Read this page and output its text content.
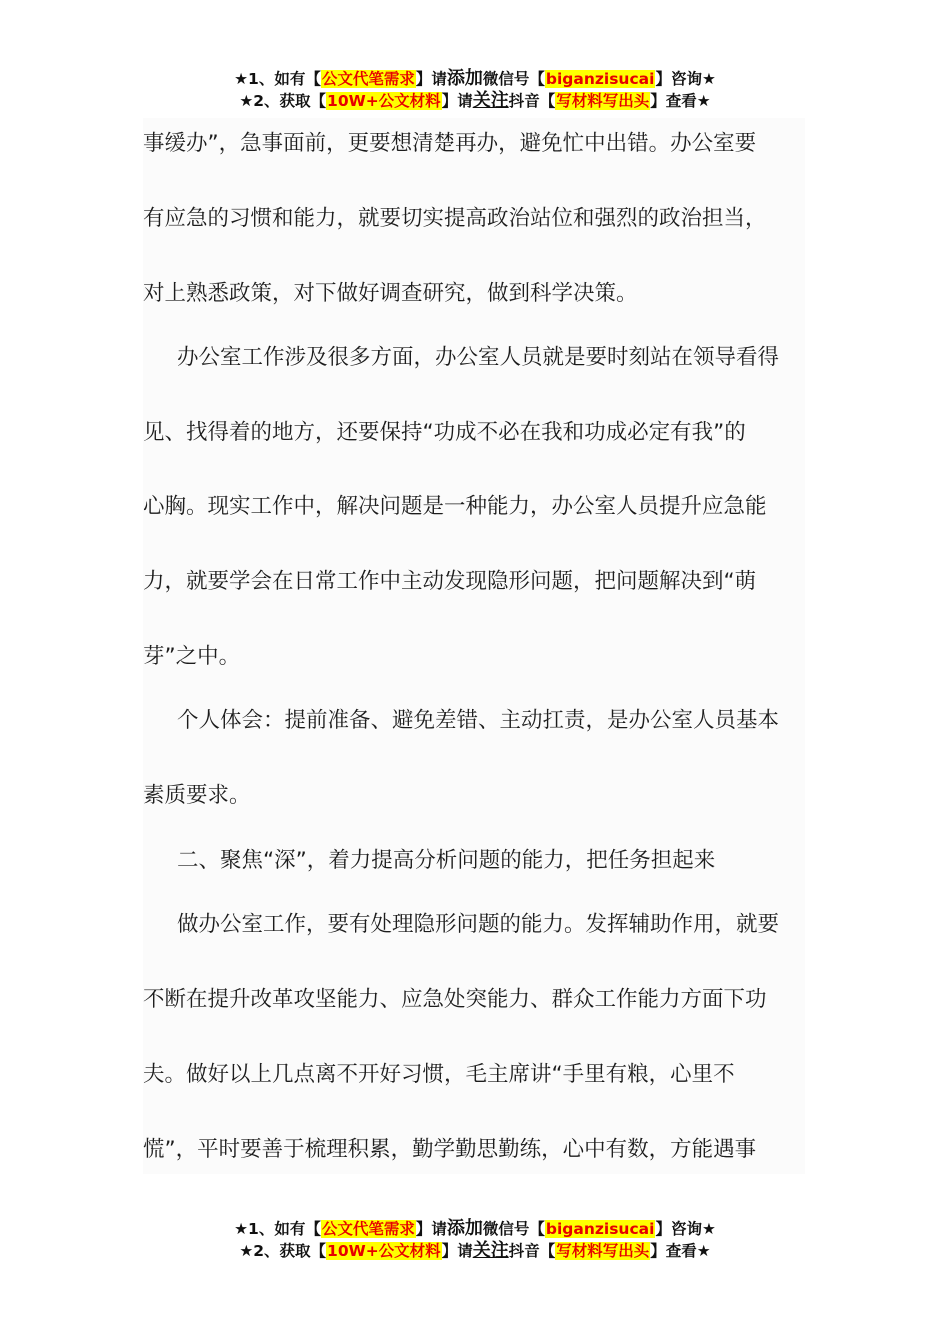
★1、如有【公文代笔需求】请添加微信号【biganzisucai】咨询★
★2、获取【10W+公文材料】请关注抖音【写材料写出头】查看★
事缓办”，急事面前，更要想清楚再办，避免忙中出错。办公室要
有应急的习惯和能力，就要切实提高政治站位和强烈的政治担当，
对上熟悉政策，对下做好调查研究，做到科学决策。
办公室工作涉及很多方面，办公室人员就是要时刻站在领导看得
见、找得着的地方，还要保持“功成不必在我和功成必定有我”的
心胸。现实工作中，解决问题是一种能力，办公室人员提升应急能
力，就要学会在日常工作中主动发现隐形问题，把问题解决到“萌
芽”之中。
个人体会：提前准备、避免差错、主动扛责，是办公室人员基本
素质要求。
二、聚焦“深”，着力提高分析问题的能力，把任务担起来
做办公室工作，要有处理隐形问题的能力。发挥辅助作用，就要
不断在提升改革攻坚能力、应急处突能力、群众工作能力方面下功
夫。做好以上几点离不开好习惯，毛主席讲“手里有粮，心里不
慌”，平时要善于梳理积累，勤学勤思勤练，心中有数，方能遇事
★1、如有【公文代笔需求】请添加微信号【biganzisucai】咨询★
★2、获取【10W+公文材料】请关注抖音【写材料写出头】查看★
